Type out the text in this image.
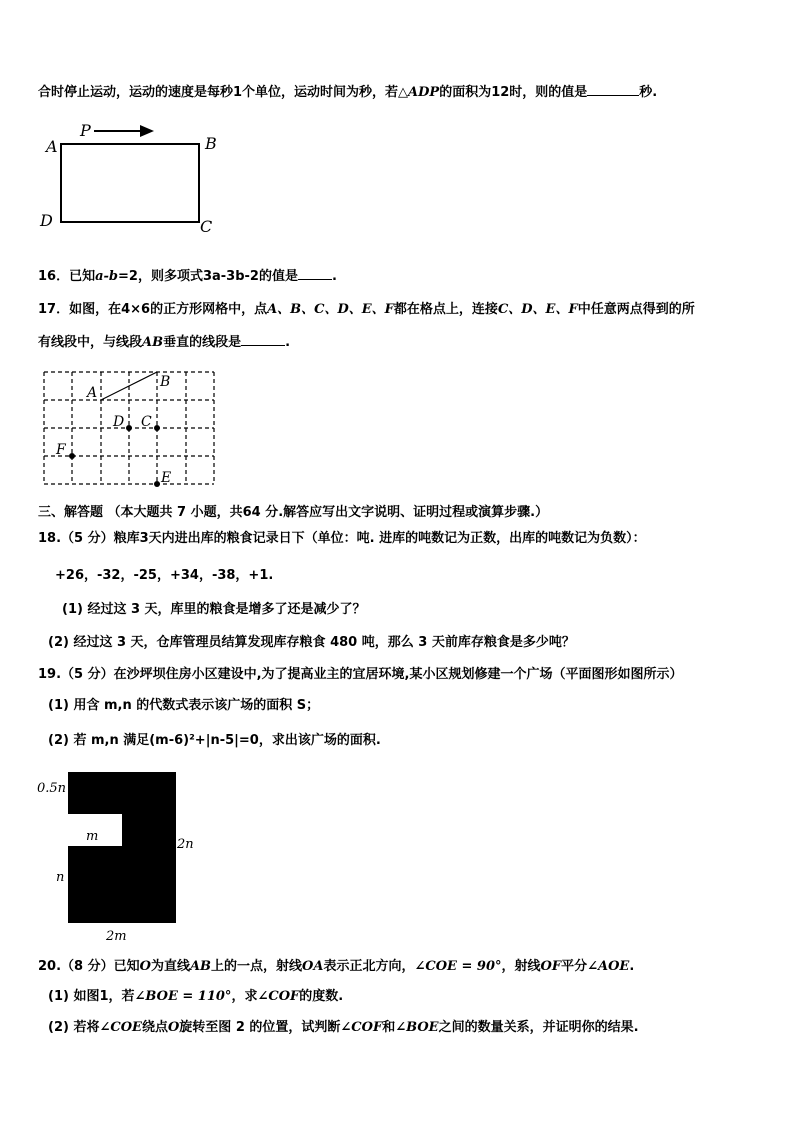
合时停止运动，运动的速度是每秒1个单位，运动时间为秒，若△ADP的面积为12时，则的值是	秒.
P
A	B
C
D
16．已知a-b=2，则多项式3a-3b-2的值是	.
17．如图，在4×6的正方形网格中，点A、B、C、D、E、F都在格点上，连接C、D、E、F中任意两点得到的所
有线段中，与线段AB垂直的线段是	.
A
B
D C
F
E
三、解答题 （本大题共 7 小题，共64 分.解答应写出文字说明、证明过程或演算步骤.）
18.（5 分）粮库3天内进出库的粮食记录日下（单位：吨. 进库的吨数记为正数，出库的吨数记为负数）：
+26，-32，-25，+34，-38，+1.
(1) 经过这 3 天，库里的粮食是增多了还是减少了？
(2) 经过这 3 天，仓库管理员结算发现库存粮食 480 吨，那么 3 天前库存粮食是多少吨？
19.（5 分）在沙坪坝住房小区建设中,为了提高业主的宜居环境,某小区规划修建一个广场（平面图形如图所示）
(1) 用含 m,n 的代数式表示该广场的面积 S；
(2) 若 m,n 满足(m-6)²+|n-5|=0，求出该广场的面积.
0.5n
m
2n
n
2m
20.（8 分）已知O为直线AB上的一点，射线OA表示正北方向，∠COE = 90°，射线OF平分∠AOE.
(1) 如图1，若∠BOE = 110°，求∠COF的度数.
(2) 若将∠COE绕点O旋转至图 2 的位置，试判断∠COF和∠BOE之间的数量关系，并证明你的结果.
